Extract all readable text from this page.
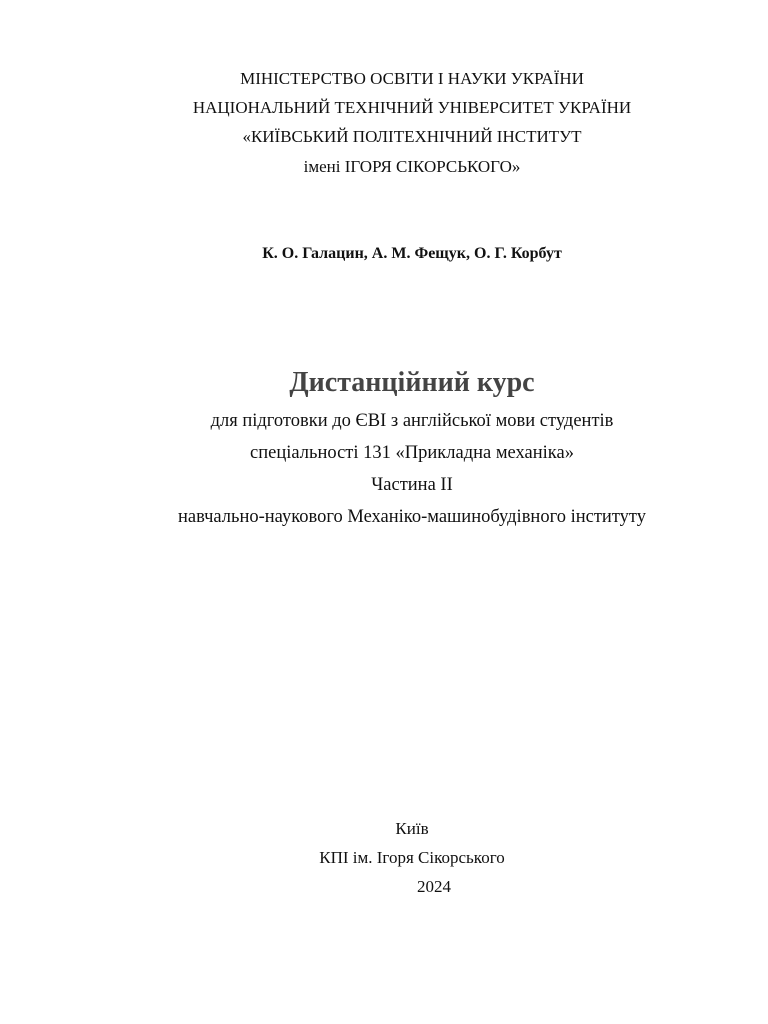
МІНІСТЕРСТВО ОСВІТИ І НАУКИ УКРАЇНИ
НАЦІОНАЛЬНИЙ ТЕХНІЧНИЙ УНІВЕРСИТЕТ УКРАЇНИ
«КИЇВСЬКИЙ ПОЛІТЕХНІЧНИЙ ІНСТИТУТ
імені ІГОРЯ СІКОРСЬКОГО»
К. О. Галацин, А. М. Фещук, О. Г. Корбут
Дистанційний курс
для підготовки до ЄВІ з англійської мови студентів
спеціальності 131 «Прикладна механіка»
Частина ІІ
навчально-наукового Механіко-машинобудівного інституту
Київ
КПІ ім. Ігоря Сікорського
2024
